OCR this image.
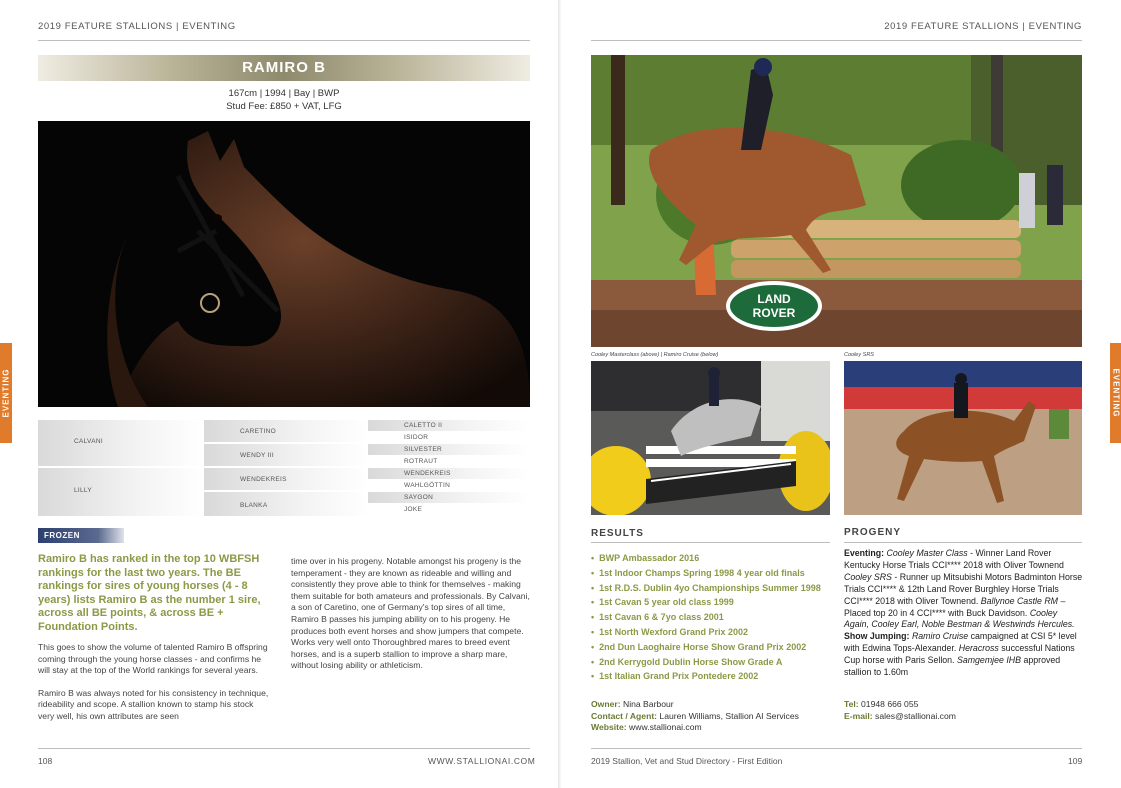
2019 FEATURE STALLIONS | EVENTING
RAMIRO B
167cm | 1994 | Bay | BWP
Stud Fee: £850 + VAT, LFG
CALVANI
LILLY
CARETINO
WENDY III
WENDEKREIS
BLANKA
CALETTO II
ISIDOR
SILVESTER
ROTRAUT
WENDEKREIS
WAHLGÖTTIN
SAYGON
JOKE
FROZEN
Ramiro B has ranked in the top 10 WBFSH rankings for the last two years. The BE rankings for sires of young horses (4 - 8 years) lists Ramiro B as the number 1 sire, across all BE points, & across BE + Foundation Points.

This goes to show the volume of talented Ramiro B offspring coming through the young horse classes - and confirms he will stay at the top of the World rankings for several years.

Ramiro B was always noted for his consistency in technique, rideability and scope. A stallion known to stamp his stock very well, his own attributes are seen

time over in his progeny. Notable amongst his progeny is the temperament - they are known as rideable and willing and consistently they prove able to think for themselves - making them suitable for both amateurs and professionals. By Calvani, a son of Caretino, one of Germany's top sires of all time, Ramiro B passes his jumping ability on to his progeny. He produces both event horses and show jumpers that compete. Works very well onto Thoroughbred mares to breed event horses, and is a superb stallion to improve a sharp mare, without losing ability or athleticism.

EVENTING
108	WWW.STALLIONAI.COM
2019 FEATURE STALLIONS | EVENTING
LAND
ROVER
Cooley Masterclass (above) | Ramiro Cruise (below)	Cooley SRS
RESULTS	PROGENY
EVENTING
2019 Stallion, Vet and Stud Directory - First Edition	109
• BWP Ambassador 2016
• 1st Indoor Champs Spring 1998 4 year old finals
• 1st R.D.S. Dublin 4yo Championships Summer 1998
• 1st Cavan 5 year old class 1999
• 1st Cavan 6 & 7yo class 2001
• 1st North Wexford Grand Prix 2002
• 2nd Dun Laoghaire Horse Show Grand Prix 2002
• 2nd Kerrygold Dublin Horse Show Grade A
• 1st Italian Grand Prix Pontedere 2002
Eventing: Cooley Master Class - Winner Land Rover Kentucky Horse Trials CCI**** 2018 with Oliver Townend Cooley SRS - Runner up Mitsubishi Motors Badminton Horse Trials CCI**** & 12th Land Rover Burghley Horse Trials CCI**** 2018 with Oliver Townend. Ballynoe Castle RM – Placed top 20 in 4 CCI**** with Buck Davidson. Cooley Again, Cooley Earl, Noble Bestman & Westwinds Hercules.
Show Jumping: Ramiro Cruise campaigned at CSI 5* level with Edwina Tops-Alexander. Heracross successful Nations Cup horse with Paris Sellon. Samgemjee IHB approved stallion to 1.60m
Owner: Nina Barbour
Contact / Agent: Lauren Williams, Stallion AI Services
Website: www.stallionai.com
Tel: 01948 666 055
E-mail: sales@stallionai.com
